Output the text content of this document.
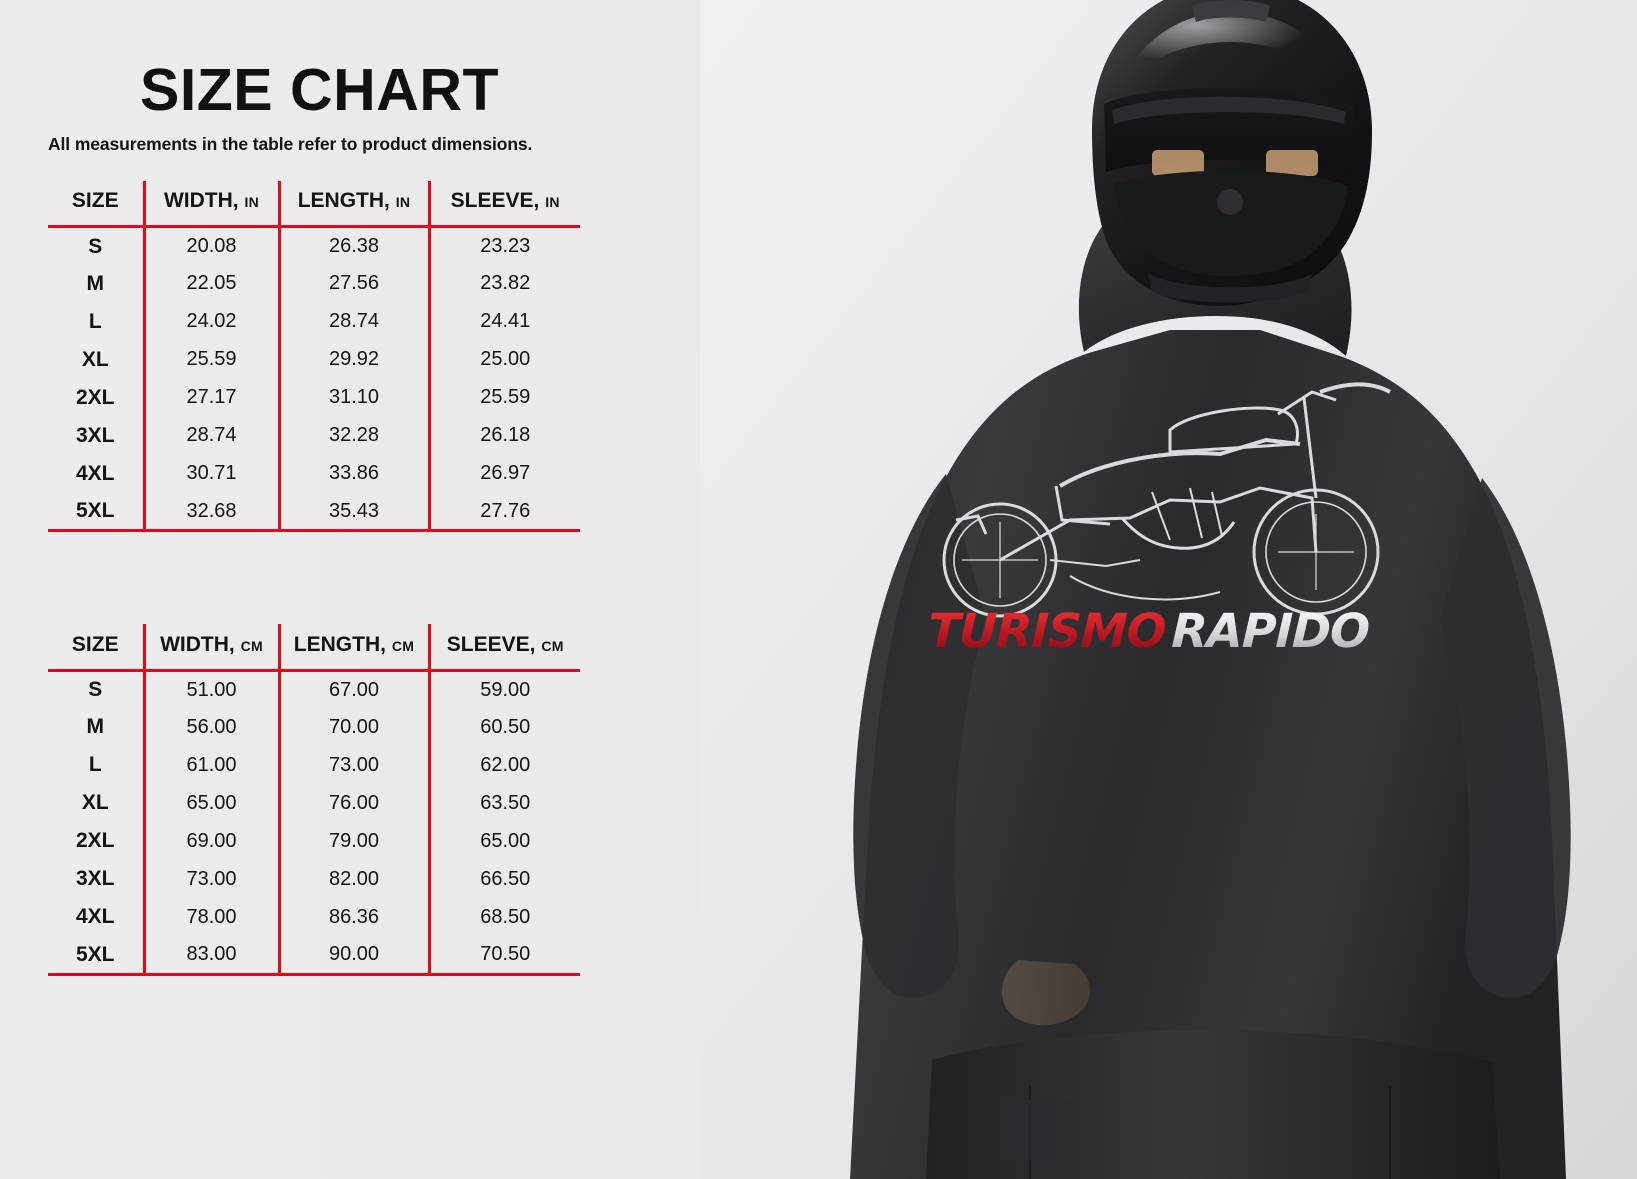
SIZE CHART
All measurements in the table refer to product dimensions.
SIZE	WIDTH, IN	LENGTH, IN	SLEEVE, IN
S	20.08	26.38	23.23
M	22.05	27.56	23.82
L	24.02	28.74	24.41
XL	25.59	29.92	25.00
2XL	27.17	31.10	25.59
3XL	28.74	32.28	26.18
4XL	30.71	33.86	26.97
5XL	32.68	35.43	27.76
SIZE	WIDTH, CM	LENGTH, CM	SLEEVE, CM
S	51.00	67.00	59.00
M	56.00	70.00	60.50
L	61.00	73.00	62.00
XL	65.00	76.00	63.50
2XL	69.00	79.00	65.00
3XL	73.00	82.00	66.50
4XL	78.00	86.36	68.50
5XL	83.00	90.00	70.50
TURISMORAPIDO
